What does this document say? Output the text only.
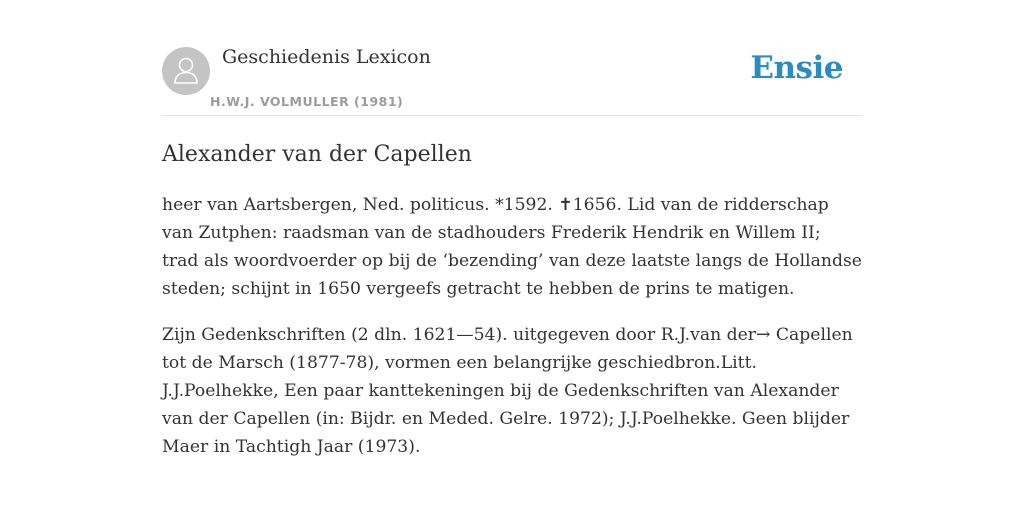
Geschiedenis Lexicon
H.W.J. VOLMULLER (1981)
Ensie
Alexander van der Capellen

heer van Aartsbergen, Ned. politicus. *1592. ✝1656. Lid van de ridderschap van Zutphen: raadsman van de stadhouders Frederik Hendrik en Willem II; trad als woordvoerder op bij de ‘bezending’ van deze laatste langs de Hollandse steden; schijnt in 1650 vergeefs getracht te hebben de prins te matigen.

Zijn Gedenkschriften (2 dln. 1621—54). uitgegeven door R.J.van der→ Capellen tot de Marsch (1877-78), vormen een belangrijke geschiedbron.Litt. J.J.Poelhekke, Een paar kanttekeningen bij de Gedenkschriften van Alexander van der Capellen (in: Bijdr. en Meded. Gelre. 1972); J.J.Poelhekke. Geen blijder Maer in Tachtigh Jaar (1973).
